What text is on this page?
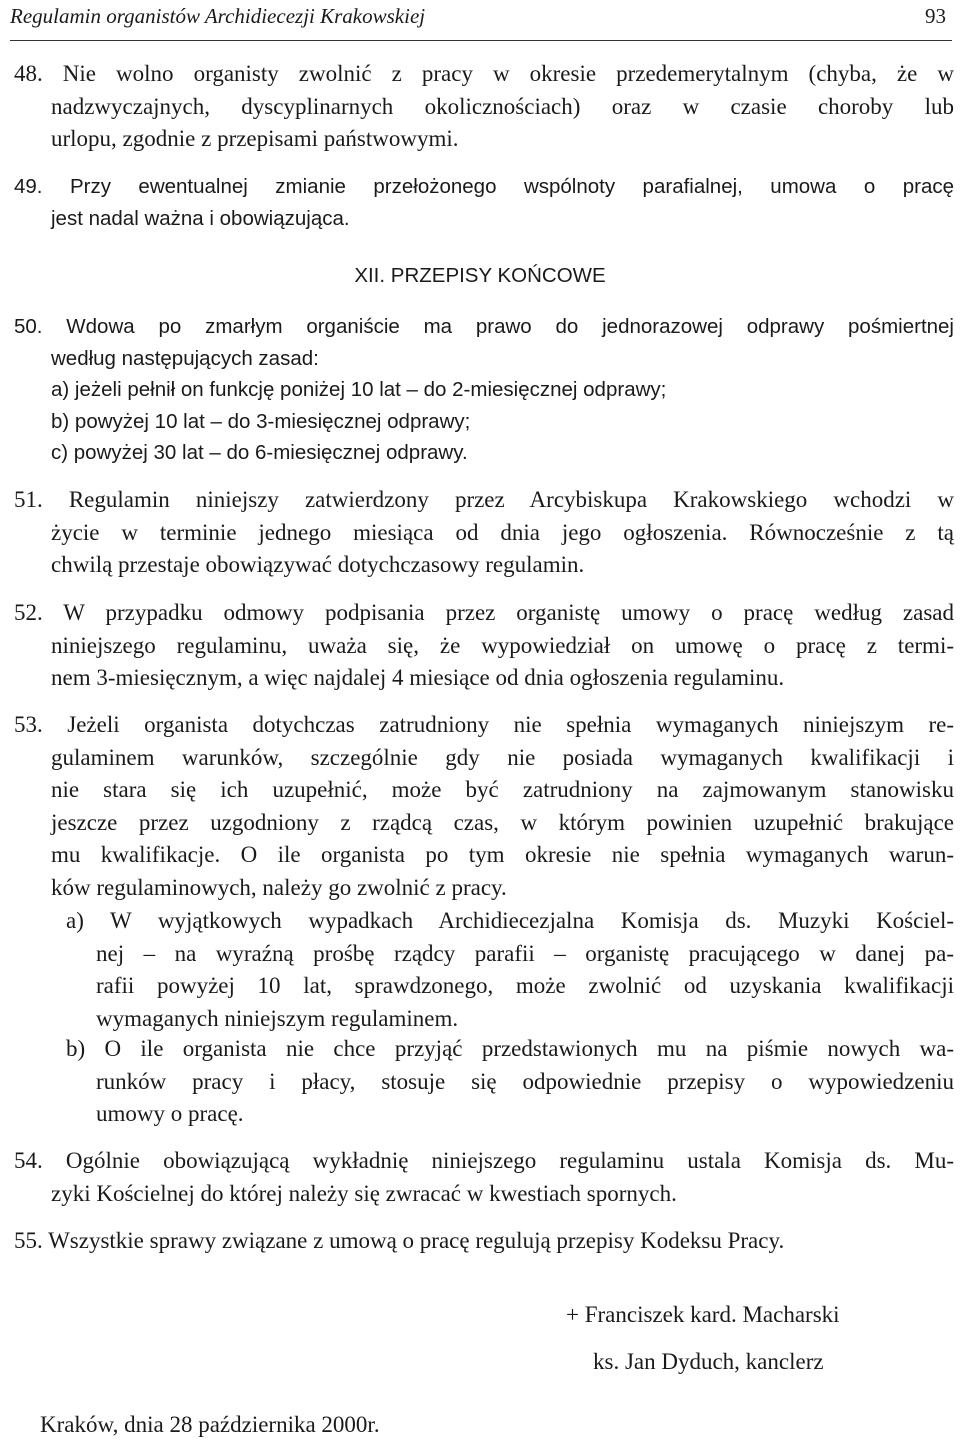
Regulamin organistów Archidiecezji Krakowskiej	93
48. Nie wolno organisty zwolnić z pracy w okresie przedemerytalnym (chyba, że w
nadzwyczajnych, dyscyplinarnych okolicznościach) oraz w czasie choroby lub
urlopu, zgodnie z przepisami państwowymi.
49. Przy ewentualnej zmianie przełożonego wspólnoty parafialnej, umowa o pracę
jest nadal ważna i obowiązująca.
XII. PRZEPISY KOŃCOWE
50. Wdowa po zmarłym organiście ma prawo do jednorazowej odprawy pośmiertnej
według następujących zasad:
a) jeżeli pełnił on funkcję poniżej 10 lat – do 2-miesięcznej odprawy;
b) powyżej 10 lat – do 3-miesięcznej odprawy;
c) powyżej 30 lat – do 6-miesięcznej odprawy.
51. Regulamin niniejszy zatwierdzony przez Arcybiskupa Krakowskiego wchodzi w
życie w terminie jednego miesiąca od dnia jego ogłoszenia. Równocześnie z tą
chwilą przestaje obowiązywać dotychczasowy regulamin.
52. W przypadku odmowy podpisania przez organistę umowy o pracę według zasad
niniejszego regulaminu, uważa się, że wypowiedział on umowę o pracę z termi-
nem 3-miesięcznym, a więc najdalej 4 miesiące od dnia ogłoszenia regulaminu.
53. Jeżeli organista dotychczas zatrudniony nie spełnia wymaganych niniejszym re-
gulaminem warunków, szczególnie gdy nie posiada wymaganych kwalifikacji i
nie stara się ich uzupełnić, może być zatrudniony na zajmowanym stanowisku
jeszcze przez uzgodniony z rządcą czas, w którym powinien uzupełnić brakujące
mu kwalifikacje. O ile organista po tym okresie nie spełnia wymaganych warun-
ków regulaminowych, należy go zwolnić z pracy.
a) W wyjątkowych wypadkach Archidiecezjalna Komisja ds. Muzyki Kościel-
nej – na wyraźną prośbę rządcy parafii – organistę pracującego w danej pa-
rafii powyżej 10 lat, sprawdzonego, może zwolnić od uzyskania kwalifikacji
wymaganych niniejszym regulaminem.
b) O ile organista nie chce przyjąć przedstawionych mu na piśmie nowych wa-
runków pracy i płacy, stosuje się odpowiednie przepisy o wypowiedzeniu
umowy o pracę.
54. Ogólnie obowiązującą wykładnię niniejszego regulaminu ustala Komisja ds. Mu-
zyki Kościelnej do której należy się zwracać w kwestiach spornych.
55. Wszystkie sprawy związane z umową o pracę regulują przepisy Kodeksu Pracy.
+ Franciszek kard. Macharski
ks. Jan Dyduch, kanclerz
Kraków, dnia 28 października 2000r.
